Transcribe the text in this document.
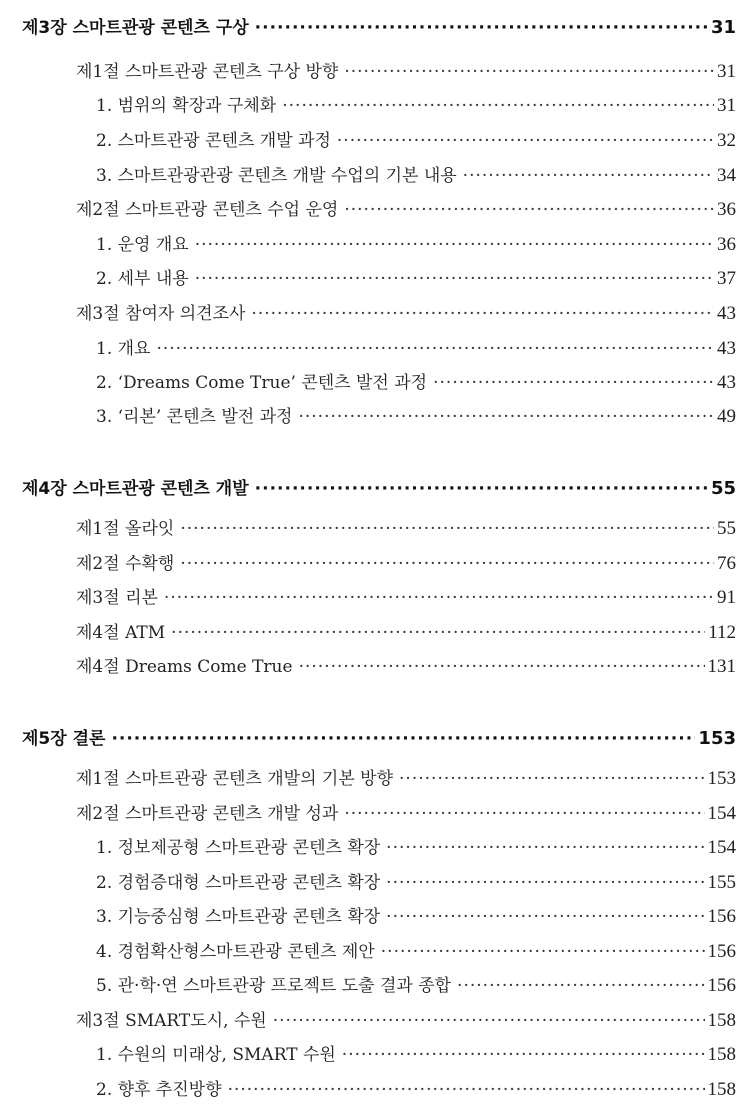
제3장 스마트관광 콘텐츠 구상 ·····	31
제1절 스마트관광 콘텐츠 구상 방향 ·····	31
1. 범위의 확장과 구체화 ·····	31
2. 스마트관광 콘텐츠 개발 과정 ·····	32
3. 스마트관광관광 콘텐츠 개발 수업의 기본 내용 ·····	34
제2절 스마트관광 콘텐츠 수업 운영 ·····	36
1. 운영 개요 ·····	36
2. 세부 내용 ·····	37
제3절 참여자 의견조사 ·····	43
1. 개요 ·····	43
2. ‘Dreams Come True’ 콘텐츠 발전 과정 ·····	43
3. ‘리본’ 콘텐츠 발전 과정 ·····	49
제4장 스마트관광 콘텐츠 개발 ·····	55
제1절 올라잇 ·····	55
제2절 수확행 ·····	76
제3절 리본 ·····	91
제4절 ATM ·····	112
제4절 Dreams Come True ·····	131
제5장 결론 ·····	153
제1절 스마트관광 콘텐츠 개발의 기본 방향 ·····	153
제2절 스마트관광 콘텐츠 개발 성과 ·····	154
1. 정보제공형 스마트관광 콘텐츠 확장 ·····	154
2. 경험증대형 스마트관광 콘텐츠 확장 ·····	155
3. 기능중심형 스마트관광 콘텐츠 확장 ·····	156
4. 경험확산형스마트관광 콘텐츠 제안 ·····	156
5. 관·학·연 스마트관광 프로젝트 도출 결과 종합 ·····	156
제3절 SMART도시, 수원 ·····	158
1. 수원의 미래상, SMART 수원 ·····	158
2. 향후 추진방향 ·····	158
